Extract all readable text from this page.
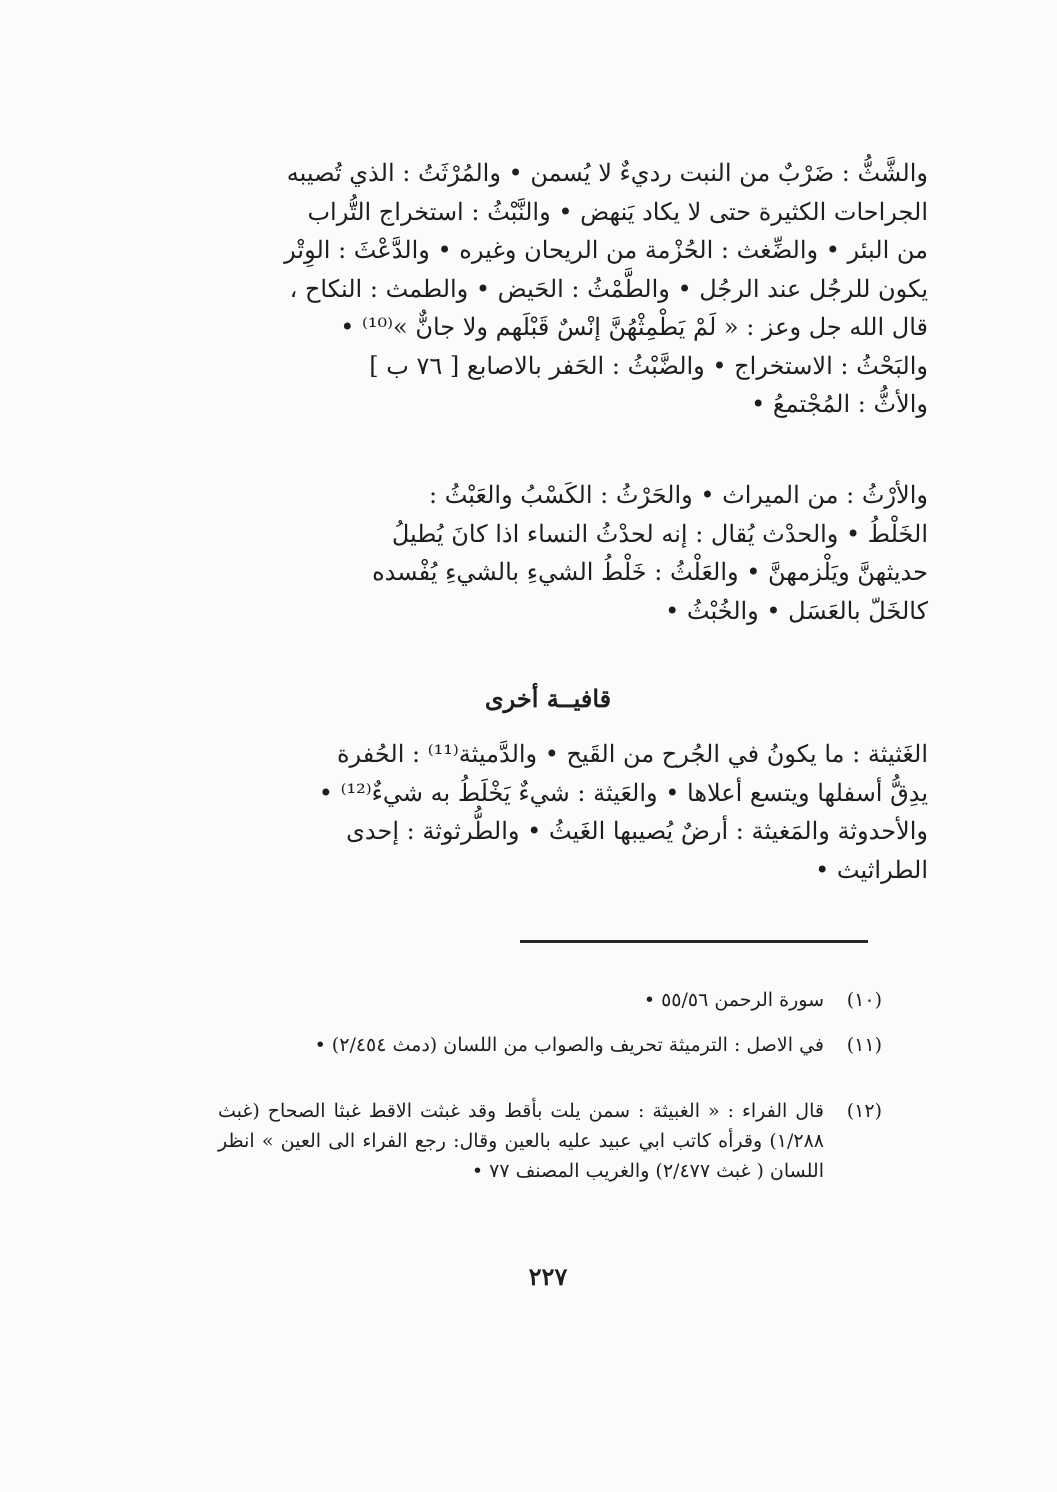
والشَّثُّ : ضَرْبٌ من النبت رديءٌ لا يُسمن • والمُرْثَتُ : الذي تُصيبه
الجراحات الكثيرة حتى لا يكاد يَنهض • والنَّبْثُ : استخراج التُّراب
من البئر • والضِّغث : الحُزْمة من الريحان وغيره • والدَّعْثَ : الوِتْر
يكون للرجُل عند الرجُل • والطَّمْثُ : الحَيض • والطمث : النكاح ،
قال الله جل وعز : « لَمْ يَطْمِثْهُنَّ إنْسٌ قَبْلَهم ولا جانٌّ »⁽¹⁰⁾ •
والبَحْثُ : الاستخراج • والضَّبْثُ : الحَفر بالاصابع [ ٧٦ ب ]
والأثُّ : المُجْتمعُ •
والأرْثُ : من الميراث • والحَرْثُ : الكَسْبُ والعَبْثُ :
الخَلْطُ • والحدْث يُقال : إنه لحدْثُ النساء اذا كانَ يُطيلُ
حديثهنَّ ويَلْزمهنَّ • والعَلْثُ : خَلْطُ الشيءِ بالشيءِ يُفْسده
كالخَلّ بالعَسَل • والخُبْثُ •
قافيــة أخرى
الغَثيثة : ما يكونُ في الجُرح من القَيح • والدَّميثة⁽¹¹⁾ : الحُفرة
يدِقُّ أسفلها ويتسع أعلاها • والعَيثة : شيءٌ يَخْلَطُ به شيءٌ⁽¹²⁾ •
والأحدوثة والمَغيثة : أرضٌ يُصيبها الغَيثُ • والطُّرثوثة : إحدى
الطراثيث •
(١٠)
سورة الرحمن ٥٥/٥٦ •
(١١)
في الاصل : الترميثة تحريف والصواب من اللسان (دمث ٢/٤٥٤) •
(١٢)
قال الفراء : « الغبيثة : سمن يلت بأقط وقد غبثت الاقط غبثا الصحاح (غبث ١/٢٨٨) وقرأه كاتب ابي عبيد عليه بالعين وقال: رجع الفراء الى العين » انظر اللسان ( غبث ٢/٤٧٧) والغريب المصنف ٧٧ •
٢٢٧
